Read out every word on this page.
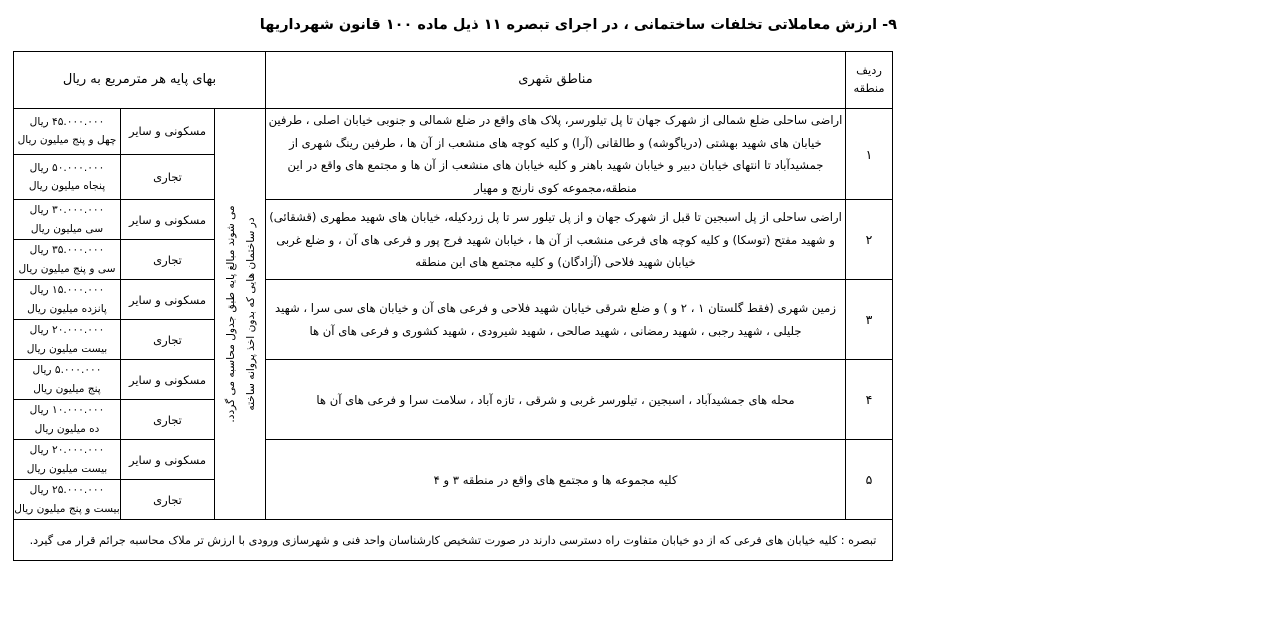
۹- ارزش معاملاتی تخلفات ساختمانی ، در اجرای تبصره ۱۱ ذیل ماده ۱۰۰ قانون شهرداریها
ردیف
منطقه	مناطق شهری	بهای پایه هر مترمربع به ریال		
۱	اراضی ساحلی ضلع شمالی از شهرک جهان تا پل تیلورسر، پلاک های واقع در ضلع شمالی و جنوبی خیابان اصلی ، طرفین خیابان های شهید بهشتی (دریاگوشه) و طالقانی (آرا) و کلیه کوچه های منشعب از آن ها ، طرفین رینگ شهری از جمشیدآباد تا انتهای خیابان دبیر و خیابان شهید باهنر و کلیه خیابان های منشعب از آن ها و مجتمع های واقع در این منطقه،مجموعه کوی نارنج و مهیار	می شوند مبالغ پایه طبق جدول محاسبه می گردد. در ساختمان هایی که بدون اخذ پروانه ساخته	مسکونی و سایر	۴۵.۰۰۰.۰۰۰ ریال
چهل و پنج میلیون ریال

			تجاری	۵۰.۰۰۰.۰۰۰ ریال
پنجاه میلیون ریال

۲	اراضی ساحلی از پل اسبجین تا قبل از شهرک جهان و از پل تیلور سر تا پل زردکیله، خیابان های شهید مطهری (قشقائی) و شهید مفتح (توسکا) و کلیه کوچه های فرعی منشعب از آن ها ، خیابان شهید فرج پور و فرعی های آن ، و ضلع غربی خیابان شهید فلاحی (آزادگان) و کلیه مجتمع های این منطقه		مسکونی و سایر	۳۰.۰۰۰.۰۰۰ ریال
سی میلیون ریال

			تجاری	۳۵.۰۰۰.۰۰۰ ریال
سی و پنج میلیون ریال

۳	زمین شهری (فقط گلستان ۱ ، ۲ و ) و ضلع شرقی خیابان شهید فلاحی و فرعی های آن و خیابان های سی سرا ، شهید جلیلی ، شهید رجبی ، شهید رمضانی ، شهید صالحی ، شهید شیرودی ، شهید کشوری و فرعی های آن ها		مسکونی و سایر	۱۵.۰۰۰.۰۰۰ ریال
پانزده میلیون ریال

			تجاری	۲۰.۰۰۰.۰۰۰ ریال
بیست میلیون ریال

۴	محله های جمشیدآباد ، اسبجین ، تیلورسر غربی و شرقی ، تازه آباد ، سلامت سرا و فرعی های آن ها		مسکونی و سایر	۵.۰۰۰.۰۰۰ ریال
پنج میلیون ریال

			تجاری	۱۰.۰۰۰.۰۰۰ ریال
ده میلیون ریال

۵	کلیه مجموعه ها و مجتمع های واقع در منطقه ۳ و ۴		مسکونی و سایر	۲۰.۰۰۰.۰۰۰ ریال
بیست میلیون ریال

			تجاری	۲۵.۰۰۰.۰۰۰ ریال
بیست و پنج میلیون ریال

تبصره : کلیه خیابان های فرعی که از دو خیابان متفاوت راه دسترسی دارند در صورت تشخیص کارشناسان واحد فنی و شهرسازی ورودی با ارزش تر ملاک محاسبه جرائم قرار می گیرد.				
